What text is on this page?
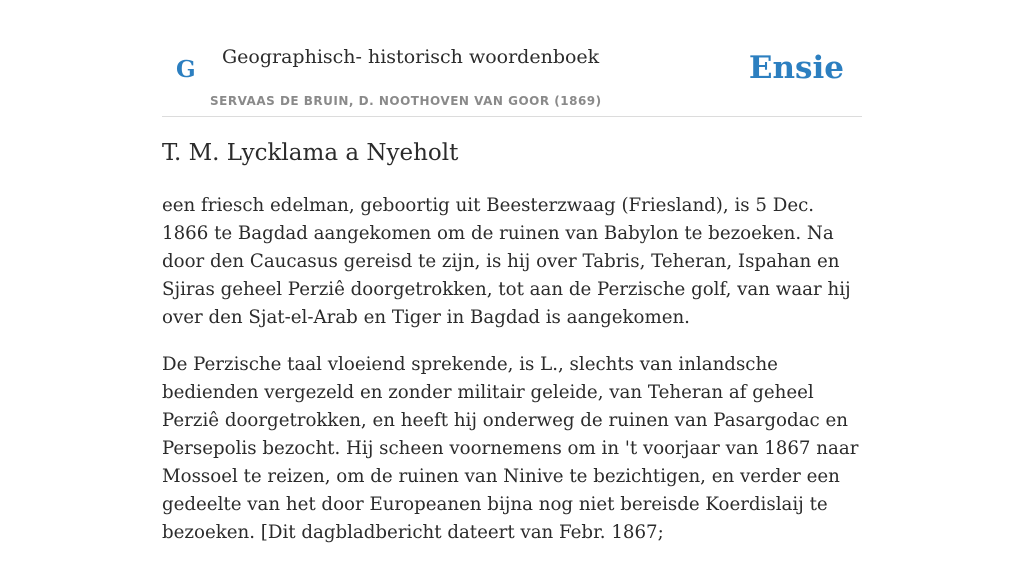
G Geographisch- historisch woordenboek
SERVAAS DE BRUIN, D. NOOTHOVEN VAN GOOR (1869)
Ensie
T. M. Lycklama a Nyeholt

een friesch edelman, geboortig uit Beesterzwaag (Friesland), is 5 Dec. 1866 te Bagdad aangekomen om de ruinen van Babylon te bezoeken. Na door den Caucasus gereisd te zijn, is hij over Tabris, Teheran, Ispahan en Sjiras geheel Perziê doorgetrokken, tot aan de Perzische golf, van waar hij over den Sjat-el-Arab en Tiger in Bagdad is aangekomen.

De Perzische taal vloeiend sprekende, is L., slechts van inlandsche bedienden vergezeld en zonder militair geleide, van Teheran af geheel Perziê doorgetrokken, en heeft hij onderweg de ruinen van Pasargodac en Persepolis bezocht. Hij scheen voornemens om in 't voorjaar van 1867 naar Mossoel te reizen, om de ruinen van Ninive te bezichtigen, en verder een gedeelte van het door Europeanen bijna nog niet bereisde Koerdislaij te bezoeken. [Dit dagbladbericht dateert van Febr. 1867;
